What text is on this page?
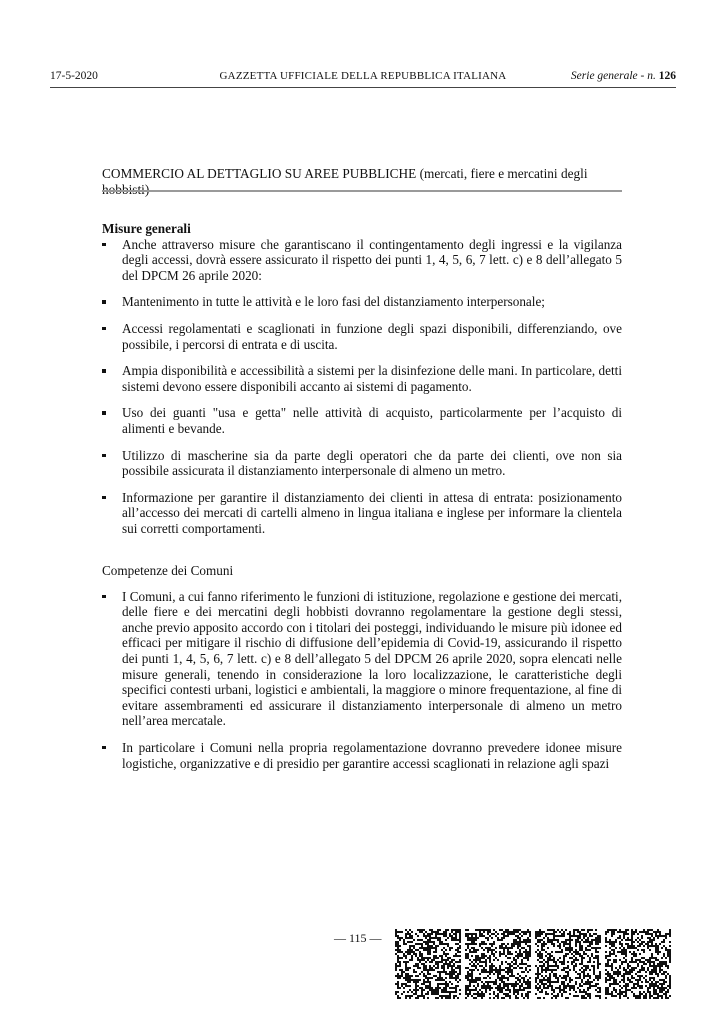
17-5-2020	GAZZETTA UFFICIALE DELLA REPUBBLICA ITALIANA	Serie generale - n. 126
COMMERCIO AL DETTAGLIO SU AREE PUBBLICHE (mercati, fiere e mercatini degli

Misure generali

Anche attraverso misure che garantiscano il contingentamento degli ingressi e la vigilanza degli accessi, dovrà essere assicurato il rispetto dei punti 1, 4, 5, 6, 7 lett. c) e 8 dell’allegato 5 del DPCM 26 aprile 2020:
Mantenimento in tutte le attività e le loro fasi del distanziamento interpersonale;
Accessi regolamentati e scaglionati in funzione degli spazi disponibili, differenziando, ove possibile, i percorsi di entrata e di uscita.
Ampia disponibilità e accessibilità a sistemi per la disinfezione delle mani. In particolare, detti sistemi devono essere disponibili accanto ai sistemi di pagamento.
Uso dei guanti "usa e getta" nelle attività di acquisto, particolarmente per l’acquisto di alimenti e bevande.
Utilizzo di mascherine sia da parte degli operatori che da parte dei clienti, ove non sia possibile assicurata il distanziamento interpersonale di almeno un metro.
Informazione per garantire il distanziamento dei clienti in attesa di entrata: posizionamento all’accesso dei mercati di cartelli almeno in lingua italiana e inglese per informare la clientela sui corretti comportamenti.

Competenze dei Comuni

I Comuni, a cui fanno riferimento le funzioni di istituzione, regolazione e gestione dei mercati, delle fiere e dei mercatini degli hobbisti dovranno regolamentare la gestione degli stessi, anche previo apposito accordo con i titolari dei posteggi, individuando le misure più idonee ed efficaci per mitigare il rischio di diffusione dell’epidemia di Covid-19, assicurando il rispetto dei punti 1, 4, 5, 6, 7 lett. c) e 8 dell’allegato 5 del DPCM 26 aprile 2020, sopra elencati nelle misure generali, tenendo in considerazione la loro localizzazione, le caratteristiche degli specifici contesti urbani, logistici e ambientali, la maggiore o minore frequentazione, al fine di evitare assembramenti ed assicurare il distanziamento interpersonale di almeno un metro nell’area mercatale.
In particolare i Comuni nella propria regolamentazione dovranno prevedere idonee misure logistiche, organizzative e di presidio per garantire accessi scaglionati in relazione agli spazi
— 115 —
